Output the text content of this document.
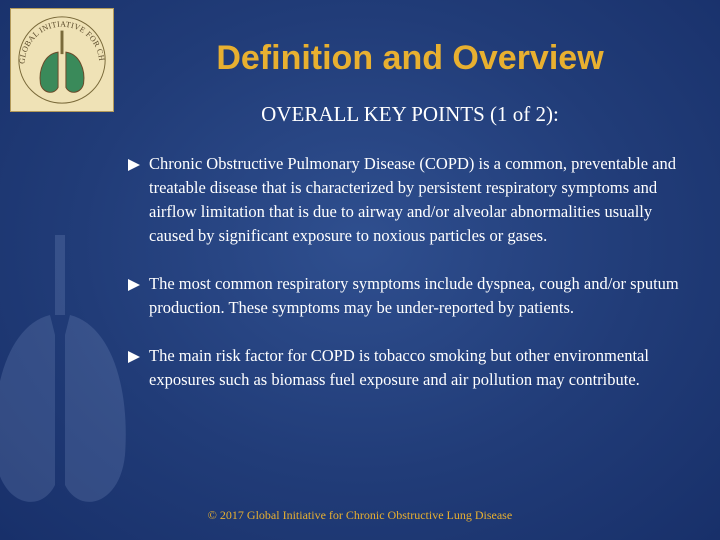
GLOBAL INITIATIVE FOR CH	Definition and Overview
OVERALL KEY POINTS (1 of 2):
Chronic Obstructive Pulmonary Disease (COPD) is a common, preventable and treatable disease that is characterized by persistent respiratory symptoms and airflow limitation that is due to airway and/or alveolar abnormalities usually caused by significant exposure to noxious particles or gases.
The most common respiratory symptoms include dyspnea, cough and/or sputum production. These symptoms may be under-reported by patients.
The main risk factor for COPD is tobacco smoking but other environmental exposures such as biomass fuel exposure and air pollution may contribute.
© 2017 Global Initiative for Chronic Obstructive Lung Disease
